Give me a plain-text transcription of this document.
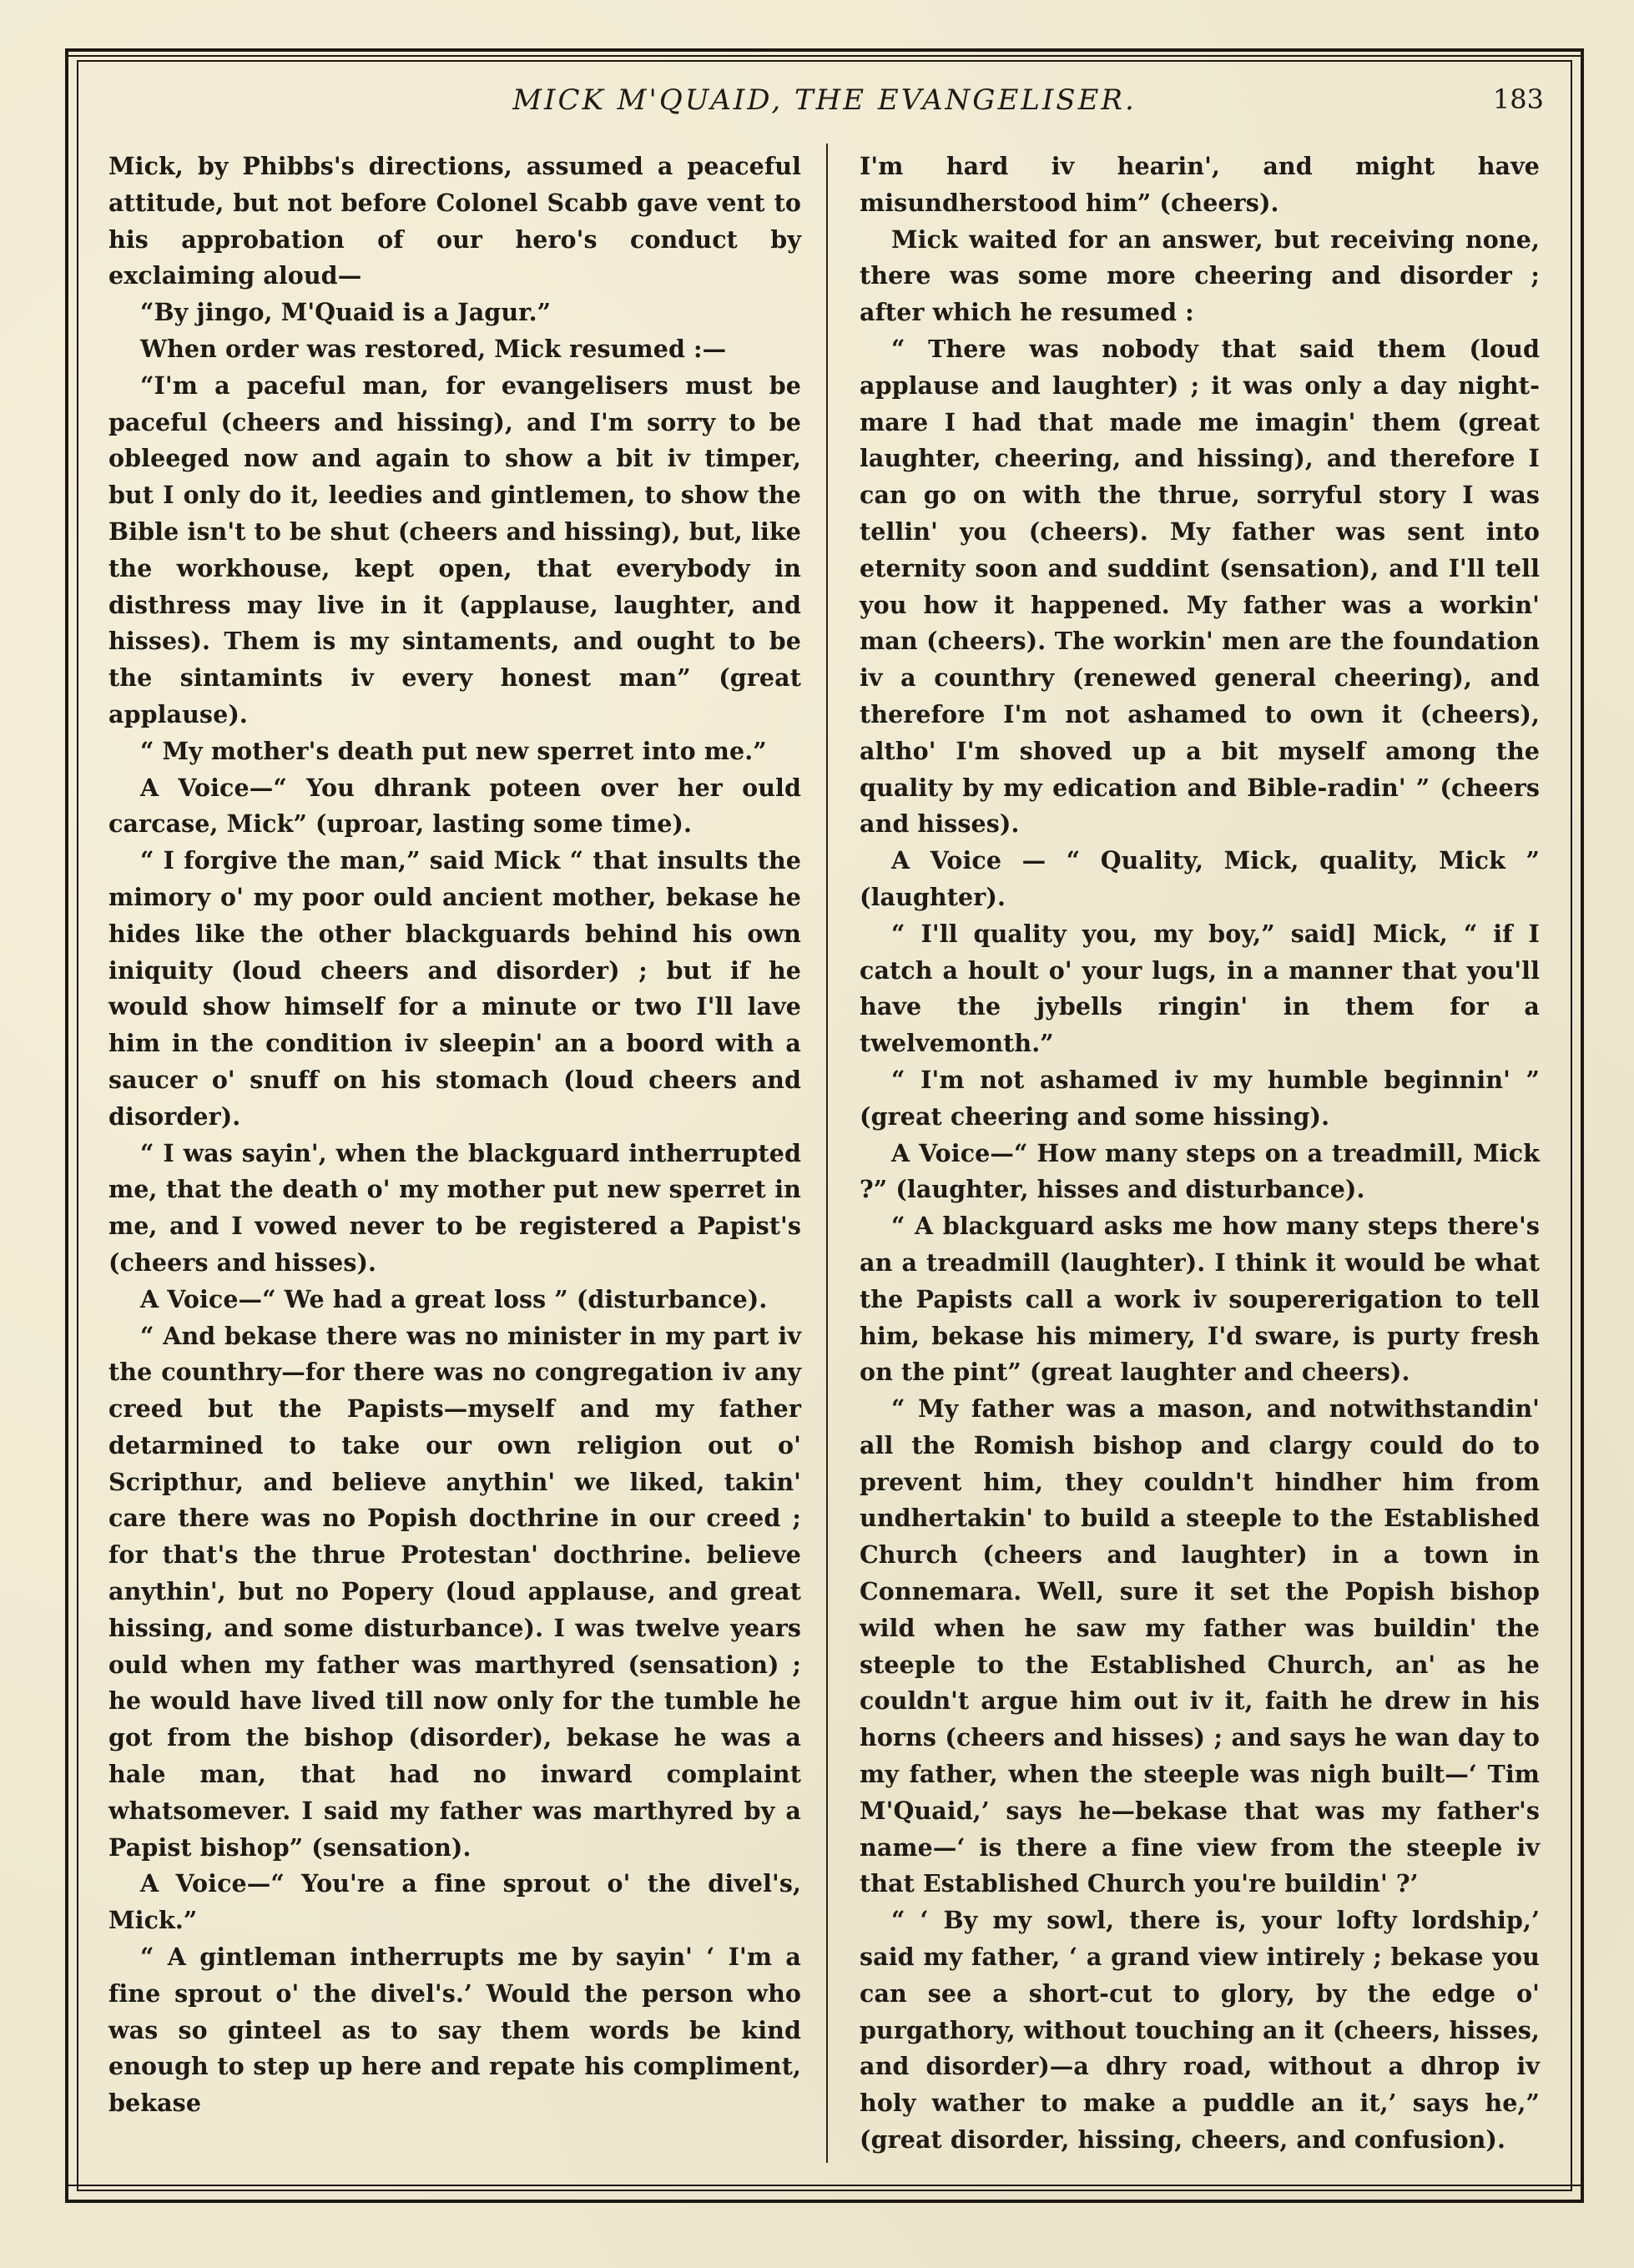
MICK M'QUAID, THE EVANGELISER.	183

Mick, by Phibbs's directions, assumed a peaceful attitude, but not before Colonel Scabb gave vent to his approbation of our hero's conduct by exclaiming aloud—

“By jingo, M'Quaid is a Jagur.”

When order was restored, Mick resumed :—

“I'm a paceful man, for evangelisers must be paceful (cheers and hissing), and I'm sorry to be obleeged now and again to show a bit iv timper, but I only do it, leedies and gintlemen, to show the Bible isn't to be shut (cheers and hissing), but, like the workhouse, kept open, that everybody in disthress may live in it (applause, laughter, and hisses). Them is my sintaments, and ought to be the sintamints iv every honest man” (great applause).

“ My mother's death put new sperret into me.”

A Voice—“ You dhrank poteen over her ould carcase, Mick” (uproar, lasting some time).

“ I forgive the man,” said Mick “ that insults the mimory o' my poor ould ancient mother, bekase he hides like the other blackguards behind his own iniquity (loud cheers and disorder) ; but if he would show himself for a minute or two I'll lave him in the condition iv sleepin' an a boord with a saucer o' snuff on his stomach (loud cheers and disorder).

“ I was sayin', when the blackguard intherrupted me, that the death o' my mother put new sperret in me, and I vowed never to be registered a Papist's (cheers and hisses).

A Voice—“ We had a great loss ” (disturbance).

“ And bekase there was no minister in my part iv the counthry—for there was no congregation iv any creed but the Papists—myself and my father detarmined to take our own religion out o' Scripthur, and believe anythin' we liked, takin' care there was no Popish docthrine in our creed ; for that's the thrue Protestan' docthrine. believe anythin', but no Popery (loud applause, and great hissing, and some disturbance). I was twelve years ould when my father was marthyred (sensation) ; he would have lived till now only for the tumble he got from the bishop (disorder), bekase he was a hale man, that had no inward complaint whatsomever. I said my father was marthyred by a Papist bishop” (sensation).

A Voice—“ You're a fine sprout o' the divel's, Mick.”

“ A gintleman intherrupts me by sayin' ‘ I'm a fine sprout o' the divel's.’ Would the person who was so ginteel as to say them words be kind enough to step up here and repate his compliment, bekase

I'm hard iv hearin', and might have misundherstood him” (cheers).

Mick waited for an answer, but receiving none, there was some more cheering and disorder ; after which he resumed :

“ There was nobody that said them (loud applause and laughter) ; it was only a day night-mare I had that made me imagin' them (great laughter, cheering, and hissing), and therefore I can go on with the thrue, sorryful story I was tellin' you (cheers). My father was sent into eternity soon and suddint (sensation), and I'll tell you how it happened. My father was a workin' man (cheers). The workin' men are the foundation iv a counthry (renewed general cheering), and therefore I'm not ashamed to own it (cheers), altho' I'm shoved up a bit myself among the quality by my edication and Bible-radin' ” (cheers and hisses).

A Voice — “ Quality, Mick, quality, Mick ” (laughter).

“ I'll quality you, my boy,” said] Mick, “ if I catch a hoult o' your lugs, in a manner that you'll have the jybells ringin' in them for a twelvemonth.”

“ I'm not ashamed iv my humble beginnin' ” (great cheering and some hissing).

A Voice—“ How many steps on a treadmill, Mick ?” (laughter, hisses and disturbance).

“ A blackguard asks me how many steps there's an a treadmill (laughter). I think it would be what the Papists call a work iv soupererigation to tell him, bekase his mimery, I'd sware, is purty fresh on the pint” (great laughter and cheers).

“ My father was a mason, and notwithstandin' all the Romish bishop and clargy could do to prevent him, they couldn't hindher him from undhertakin' to build a steeple to the Established Church (cheers and laughter) in a town in Connemara. Well, sure it set the Popish bishop wild when he saw my father was buildin' the steeple to the Established Church, an' as he couldn't argue him out iv it, faith he drew in his horns (cheers and hisses) ; and says he wan day to my father, when the steeple was nigh built—‘ Tim M'Quaid,’ says he—bekase that was my father's name—‘ is there a fine view from the steeple iv that Established Church you're buildin' ?’

“ ‘ By my sowl, there is, your lofty lordship,’ said my father, ‘ a grand view intirely ; bekase you can see a short-cut to glory, by the edge o' purgathory, without touching an it (cheers, hisses, and disorder)—a dhry road, without a dhrop iv holy wather to make a puddle an it,’ says he,” (great disorder, hissing, cheers, and confusion).
